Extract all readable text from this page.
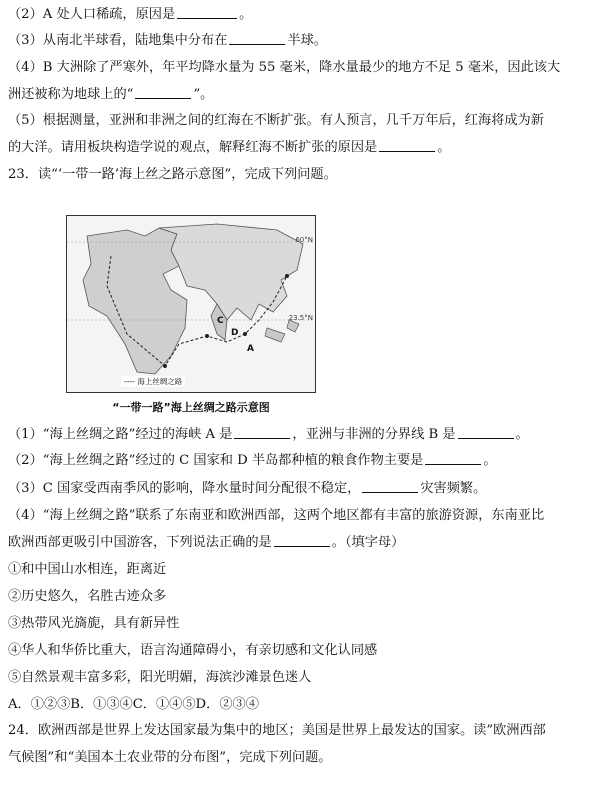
（2）A 处人口稀疏，原因是	。
（3）从南北半球看，陆地集中分布在	半球。
（4）B 大洲除了严寒外，年平均降水量为 55 毫米，降水量最少的地方不足 5 毫米，因此该大
洲还被称为地球上的“	”。
（5）根据测量，亚洲和非洲之间的红海在不断扩张。有人预言，几千万年后，红海将成为新
的大洋。请用板块构造学说的观点，解释红海不断扩张的原因是	。
23．读“‘一带一路’海上丝之路示意图”，完成下列问题。
（1）“海上丝绸之路”经过的海峡 A 是	，亚洲与非洲的分界线 B 是	。
（2）“海上丝绸之路”经过的 C 国家和 D 半岛都种植的粮食作物主要是	。
（3）C 国家受西南季风的影响，降水量时间分配很不稳定，	灾害频繁。
（4）“海上丝绸之路”联系了东南亚和欧洲西部，这两个地区都有丰富的旅游资源，东南亚比
欧洲西部更吸引中国游客，下列说法正确的是	。（填字母）
①和中国山水相连，距离近
②历史悠久，名胜古迹众多
③热带风光旖旎，具有新异性
④华人和华侨比重大，语言沟通障碍小，有亲切感和文化认同感
⑤自然景观丰富多彩，阳光明媚，海滨沙滩景色迷人
A．①②③B．①③④C．①④⑤D．②③④
24．欧洲西部是世界上发达国家最为集中的地区；美国是世界上最发达的国家。读”欧洲西部
气候图”和“美国本土农业带的分布图”，完成下列问题。
60°N
23.5°N
A
C
D
---- 海上丝绸之路
“一带一路”海上丝绸之路示意图
